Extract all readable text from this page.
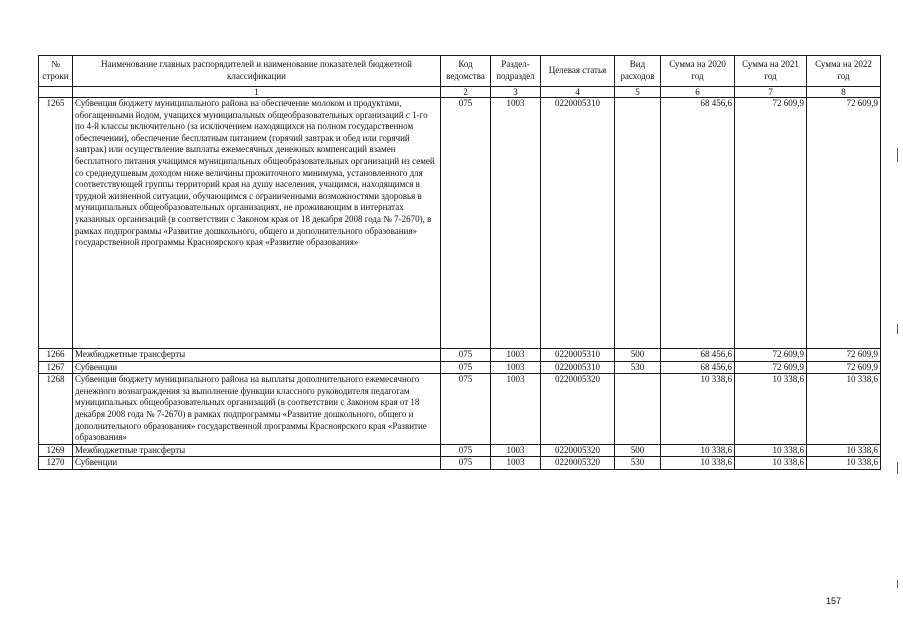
№ строки	Наименование главных распорядителей и наименование показателей бюджетной классификации	Код ведомства	Раздел-подраздел	Целевая статья	Вид расходов	Сумма на 2020 год	Сумма на 2021 год	Сумма на 2022 год
	1	2	3	4	5	6	7	8
1265	Субвенция бюджету муниципального района на обеспечение молоком и продуктами, обогащенными йодом, учащихся муниципальных общеобразовательных организаций с 1-го по 4-й классы включительно (за исключением находящихся на полном государственном обеспечении), обеспечение бесплатным питанием (горячий завтрак и обед или горячий завтрак) или осуществление выплаты ежемесячных денежных компенсаций взамен бесплатного питания учащимся муниципальных общеобразовательных организаций из семей со среднедушевым доходом ниже величины прожиточного минимума, установленного для соответствующей группы территорий края на душу населения, учащимся, находящимся в трудной жизненной ситуации, обучающимся с ограниченными возможностями здоровья в муниципальных общеобразовательных организациях, не проживающим в интернатах указанных организаций (в соответствии с Законом края от 18 декабря 2008 года № 7-2670), в рамках подпрограммы «Развитие дошкольного, общего и дополнительного образования» государственной программы Красноярского края «Развитие образования»	075	1003	0220005310		68 456,6	72 609,9	72 609,9
1266	Межбюджетные трансферты	075	1003	0220005310	500	68 456,6	72 609,9	72 609,9
1267	Субвенции	075	1003	0220005310	530	68 456,6	72 609,9	72 609,9
1268	Субвенция бюджету муниципального района на выплаты дополнительного ежемесячного денежного вознаграждения за выполнение функции классного руководителя педагогам муниципальных общеобразовательных организаций (в соответствии с Законом края от 18 декабря 2008 года № 7-2670) в рамках подпрограммы «Развитие дошкольного, общего и дополнительного образования» государственной программы Красноярского края «Развитие образования»	075	1003	0220005320		10 338,6	10 338,6	10 338,6
1269	Межбюджетные трансферты	075	1003	0220005320	500	10 338,6	10 338,6	10 338,6
1270	Субвенции	075	1003	0220005320	530	10 338,6	10 338,6	10 338,6
157
